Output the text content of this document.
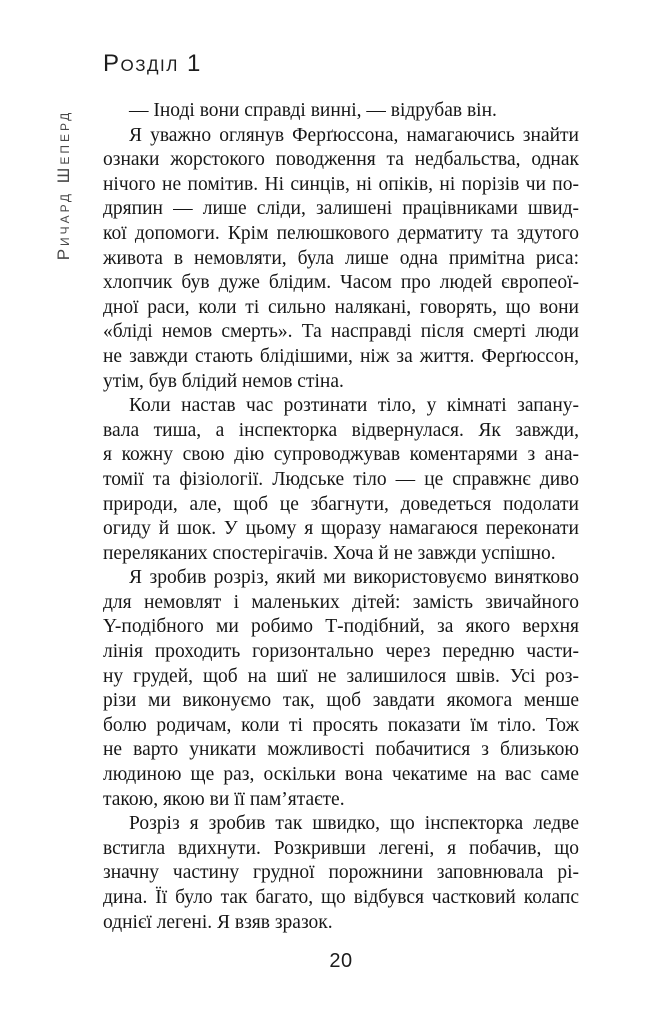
Розділ 1
Ричард Шеперд	— Іноді вони справді винні, — відрубав він.
Я уважно оглянув Ферґюссона, намагаючись знайти
ознаки жорстокого поводження та недбальства, однак
нічого не помітив. Ні синців, ні опіків, ні порізів чи по-
дряпин — лише сліди, залишені працівниками швид-
кої допомоги. Крім пелюшкового дерматиту та здутого
живота в немовляти, була лише одна примітна риса:
хлопчик був дуже блідим. Часом про людей європеої-
дної раси, коли ті сильно налякані, говорять, що вони
«бліді немов смерть». Та насправді після смерті люди
не завжди стають блідішими, ніж за життя. Ферґюссон,
утім, був блідий немов стіна.
Коли настав час розтинати тіло, у кімнаті запану-
вала тиша, а інспекторка відвернулася. Як завжди,
я кожну свою дію супроводжував коментарями з ана-
томії та фізіології. Людське тіло — це справжнє диво
природи, але, щоб це збагнути, доведеться подолати
огиду й шок. У цьому я щоразу намагаюся переконати
переляканих спостерігачів. Хоча й не завжди успішно.
Я зробив розріз, який ми використовуємо винятково
для немовлят і маленьких дітей: замість звичайного
Y-подібного ми робимо Т-подібний, за якого верхня
лінія проходить горизонтально через передню части-
ну грудей, щоб на шиї не залишилося швів. Усі роз-
різи ми виконуємо так, щоб завдати якомога менше
болю родичам, коли ті просять показати їм тіло. Тож
не варто уникати можливості побачитися з близькою
людиною ще раз, оскільки вона чекатиме на вас саме
такою, якою ви її пам’ятаєте.
Розріз я зробив так швидко, що інспекторка ледве
встигла вдихнути. Розкривши легені, я побачив, що
значну частину грудної порожнини заповнювала рі-
дина. Її було так багато, що відбувся частковий колапс
однієї легені. Я взяв зразок.
20
